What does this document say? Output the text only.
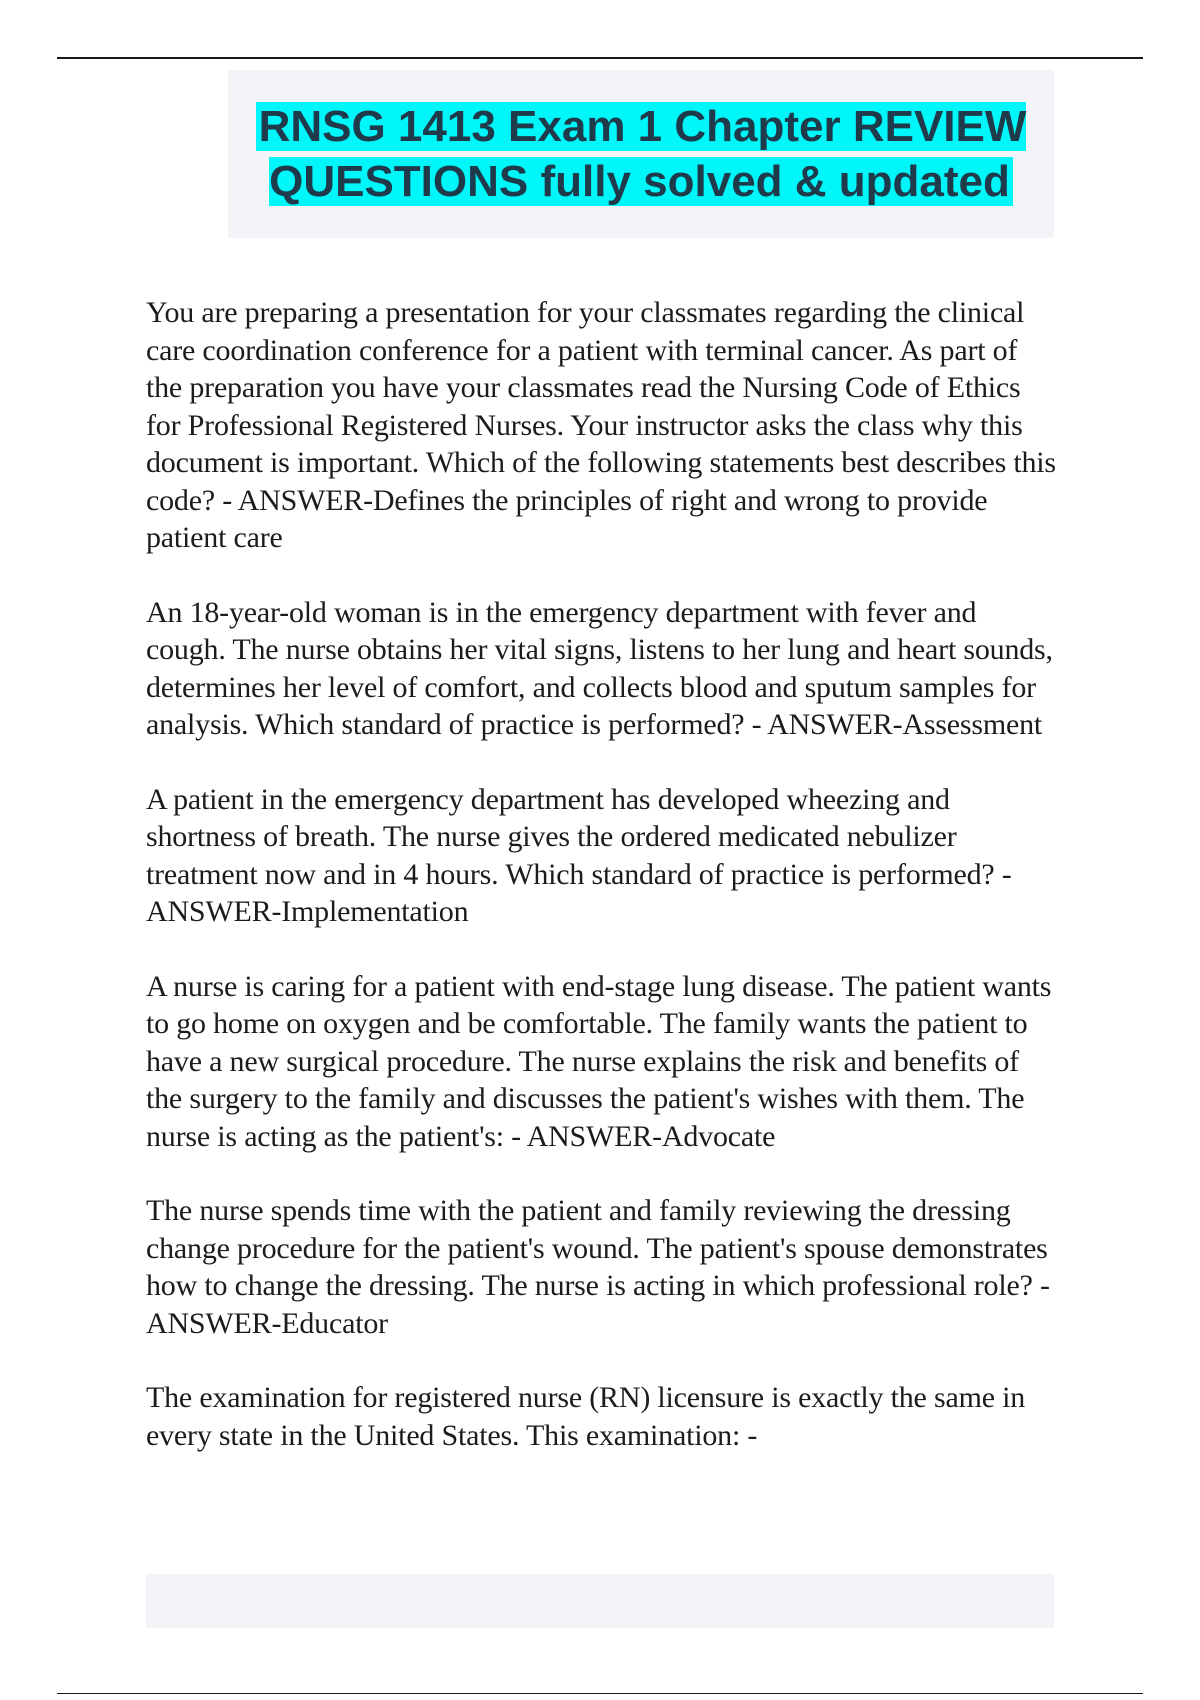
RNSG 1413 Exam 1 Chapter REVIEW QUESTIONS fully solved & updated

You are preparing a presentation for your classmates regarding the clinical care coordination conference for a patient with terminal cancer. As part of the preparation you have your classmates read the Nursing Code of Ethics for Professional Registered Nurses. Your instructor asks the class why this document is important. Which of the following statements best describes this code? - ANSWER-Defines the principles of right and wrong to provide patient care

An 18-year-old woman is in the emergency department with fever and cough. The nurse obtains her vital signs, listens to her lung and heart sounds, determines her level of comfort, and collects blood and sputum samples for analysis. Which standard of practice is performed? - ANSWER-Assessment

A patient in the emergency department has developed wheezing and shortness of breath. The nurse gives the ordered medicated nebulizer treatment now and in 4 hours. Which standard of practice is performed? - ANSWER-Implementation

A nurse is caring for a patient with end-stage lung disease. The patient wants to go home on oxygen and be comfortable. The family wants the patient to have a new surgical procedure. The nurse explains the risk and benefits of the surgery to the family and discusses the patient's wishes with them. The nurse is acting as the patient's: - ANSWER-Advocate

The nurse spends time with the patient and family reviewing the dressing change procedure for the patient's wound. The patient's spouse demonstrates how to change the dressing. The nurse is acting in which professional role? - ANSWER-Educator

The examination for registered nurse (RN) licensure is exactly the same in every state in the United States. This examination: -
